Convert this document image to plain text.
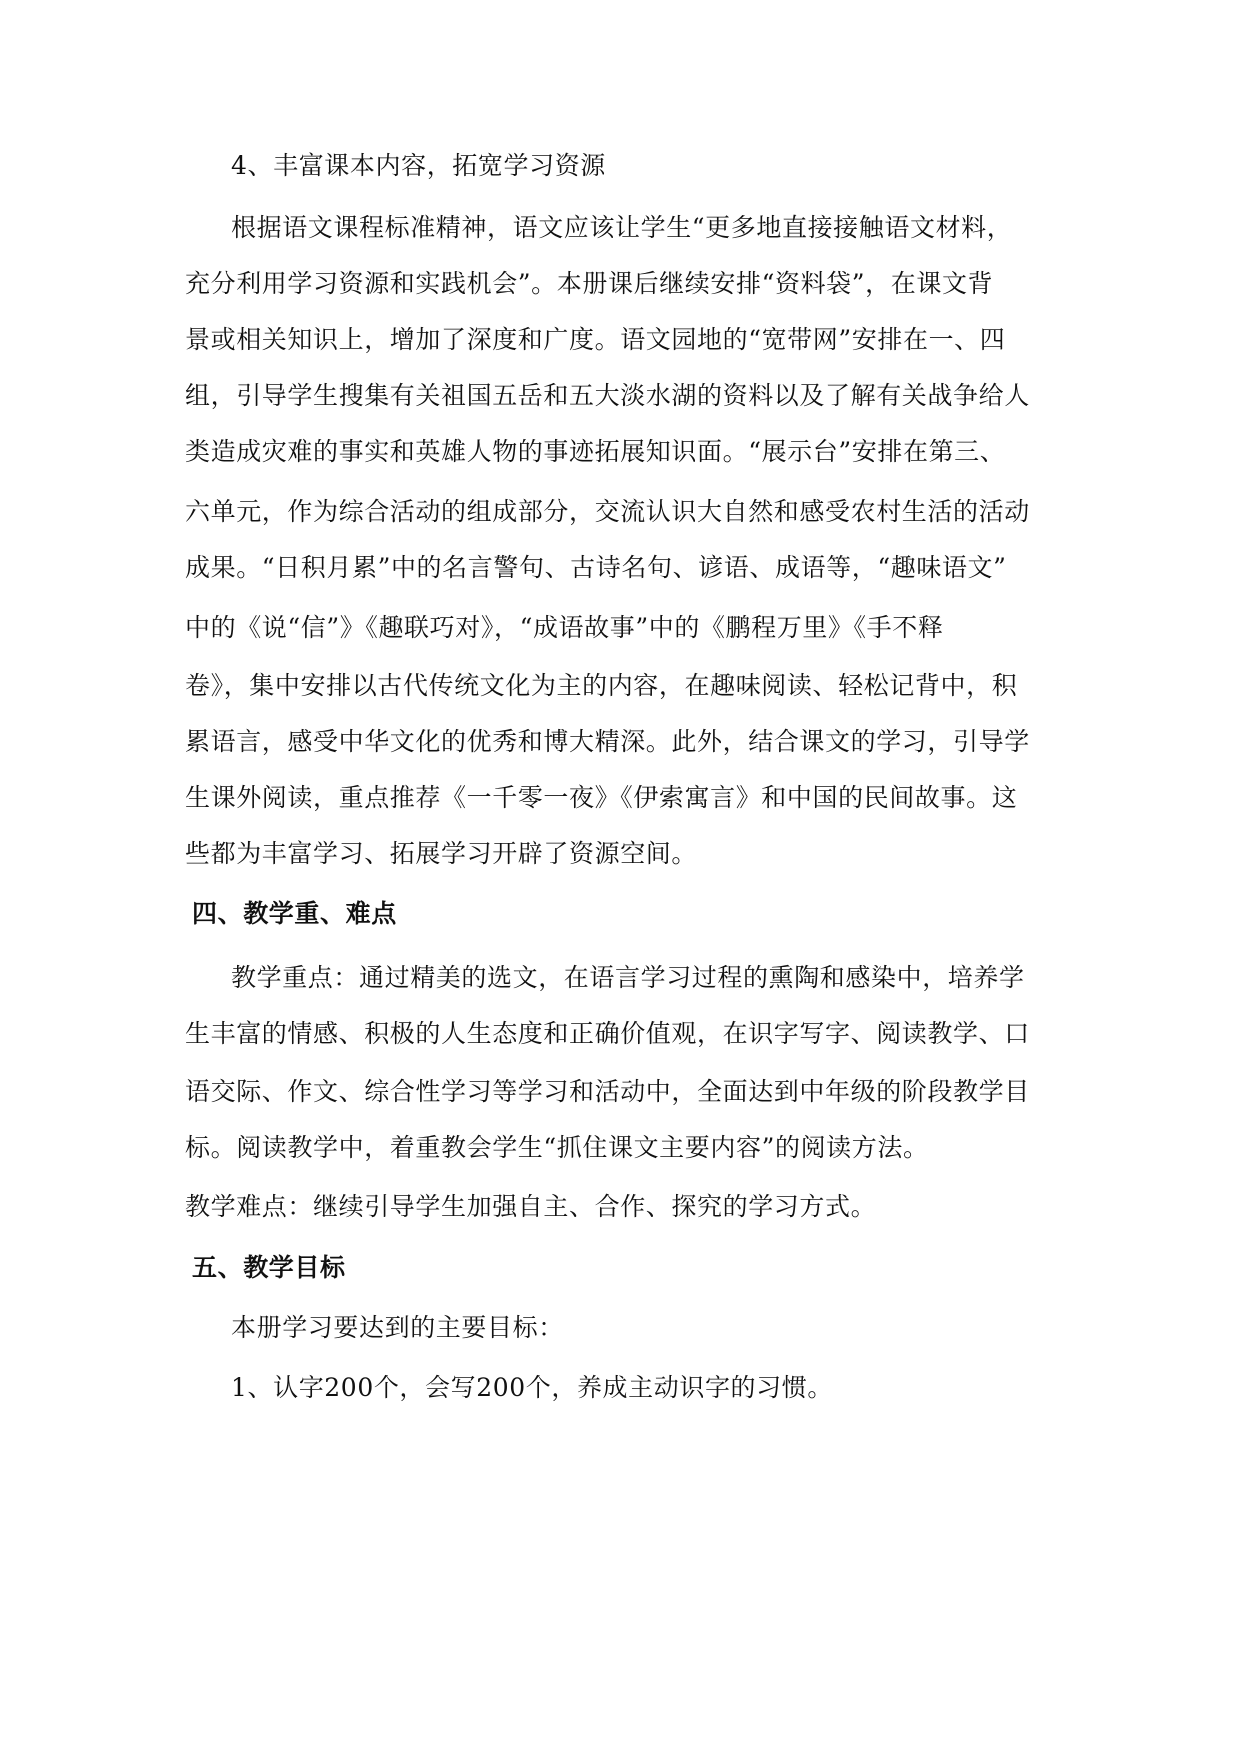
4、丰富课本内容，拓宽学习资源
根据语文课程标准精神，语文应该让学生“更多地直接接触语文材料，
充分利用学习资源和实践机会”。本册课后继续安排“资料袋”，在课文背
景或相关知识上，增加了深度和广度。语文园地的“宽带网”安排在一、四
组，引导学生搜集有关祖国五岳和五大淡水湖的资料以及了解有关战争给人
类造成灾难的事实和英雄人物的事迹拓展知识面。“展示台”安排在第三、
六单元，作为综合活动的组成部分，交流认识大自然和感受农村生活的活动
成果。“日积月累”中的名言警句、古诗名句、谚语、成语等，“趣味语文”
中的《说“信”》《趣联巧对》，“成语故事”中的《鹏程万里》《手不释
卷》，集中安排以古代传统文化为主的内容，在趣味阅读、轻松记背中，积
累语言，感受中华文化的优秀和博大精深。此外，结合课文的学习，引导学
生课外阅读，重点推荐《一千零一夜》《伊索寓言》和中国的民间故事。这
些都为丰富学习、拓展学习开辟了资源空间。
四、教学重、难点
教学重点：通过精美的选文，在语言学习过程的熏陶和感染中，培养学
生丰富的情感、积极的人生态度和正确价值观，在识字写字、阅读教学、口
语交际、作文、综合性学习等学习和活动中，全面达到中年级的阶段教学目
标。阅读教学中，着重教会学生“抓住课文主要内容”的阅读方法。
教学难点：继续引导学生加强自主、合作、探究的学习方式。
五、教学目标
本册学习要达到的主要目标：
1、认字200个，会写200个，养成主动识字的习惯。
